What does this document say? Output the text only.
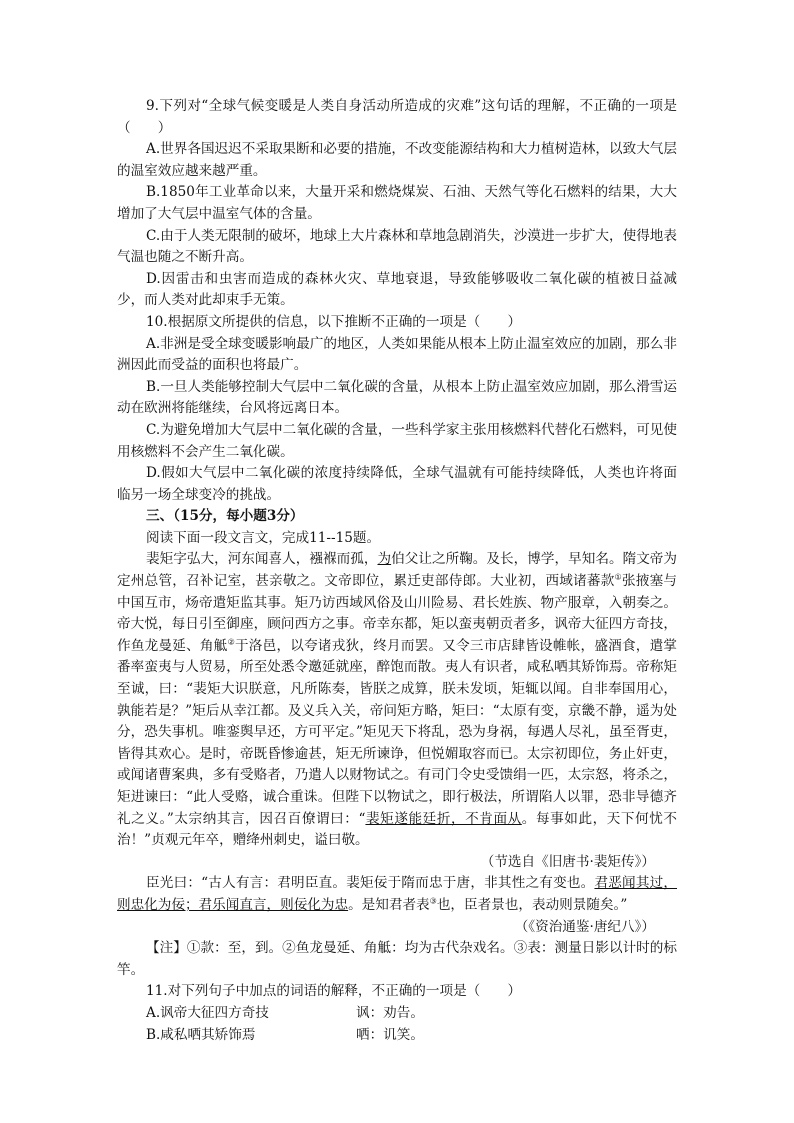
9.下列对“全球气候变暖是人类自身活动所造成的灾难”这句话的理解，不正确的一项是（　　）

A.世界各国迟迟不采取果断和必要的措施，不改变能源结构和大力植树造林，以致大气层的温室效应越来越严重。

B.1850年工业革命以来，大量开采和燃烧煤炭、石油、天然气等化石燃料的结果，大大增加了大气层中温室气体的含量。

C.由于人类无限制的破坏，地球上大片森林和草地急剧消失，沙漠进一步扩大，使得地表气温也随之不断升高。

D.因雷击和虫害而造成的森林火灾、草地衰退，导致能够吸收二氧化碳的植被日益减少，而人类对此却束手无策。

10.根据原文所提供的信息，以下推断不正确的一项是（　　）

A.非洲是受全球变暖影响最广的地区，人类如果能从根本上防止温室效应的加剧，那么非洲因此而受益的面积也将最广。

B.一旦人类能够控制大气层中二氧化碳的含量，从根本上防止温室效应加剧，那么滑雪运动在欧洲将能继续，台风将远离日本。

C.为避免增加大气层中二氧化碳的含量，一些科学家主张用核燃料代替化石燃料，可见使用核燃料不会产生二氧化碳。

D.假如大气层中二氧化碳的浓度持续降低，全球气温就有可能持续降低，人类也许将面临另一场全球变冷的挑战。

三、（15分，每小题3分）

阅读下面一段文言文，完成11--15题。

裴矩字弘大，河东闻喜人，襁褓而孤，为伯父让之所鞠。及长，博学，早知名。隋文帝为定州总管，召补记室，甚亲敬之。文帝即位，累迁吏部侍郎。大业初，西域诸蕃款①张掖塞与中国互市，炀帝遣矩监其事。矩乃访西域风俗及山川险易、君长姓族、物产服章，入朝奏之。帝大悦，每日引至御座，顾问西方之事。帝幸东都，矩以蛮夷朝贡者多，讽帝大征四方奇技，作鱼龙曼延、角觝②于洛邑，以夸诸戎狄，终月而罢。又令三市店肆皆设帷帐，盛酒食，遣掌番率蛮夷与人贸易，所至处悉令邀延就座，醉饱而散。夷人有识者，咸私哂其矫饰焉。帝称矩至诚，曰：“裴矩大识朕意，凡所陈奏，皆朕之成算，朕未发顷，矩辄以闻。自非奉国用心，孰能若是？”矩后从幸江都。及义兵入关，帝问矩方略，矩曰：“太原有变，京畿不静，遥为处分，恐失事机。唯銮舆早还，方可平定。”矩见天下将乱，恐为身祸，每遇人尽礼，虽至胥吏，皆得其欢心。是时，帝既昏惨逾甚，矩无所谏诤，但悦媚取容而已。太宗初即位，务止奸吏，或闻诸曹案典，多有受赂者，乃遣人以财物试之。有司门令史受馈绢一匹，太宗怒，将杀之，矩进谏曰：“此人受赂，诚合重诛。但陛下以物试之，即行极法，所谓陷人以罪，恐非导德齐礼之义。”太宗纳其言，因召百僚谓曰：“裴矩遂能廷折，不肯面从。每事如此，天下何忧不治！”贞观元年卒，赠绛州刺史，谥曰敬。

（节选自《旧唐书·裴矩传》）

臣光曰：“古人有言：君明臣直。裴矩佞于隋而忠于唐，非其性之有变也。君恶闻其过，则忠化为佞；君乐闻直言，则佞化为忠。是知君者表③也，臣者景也，表动则景随矣。”

（《资治通鉴·唐纪八》）

【注】①款：至，到。②鱼龙曼延、角觝：均为古代杂戏名。③表：测量日影以计时的标竿。

11.对下列句子中加点的词语的解释，不正确的一项是（　　）

A.讽帝大征四方奇技	讽：劝告。

B.咸私哂其矫饰焉	哂：讥笑。
